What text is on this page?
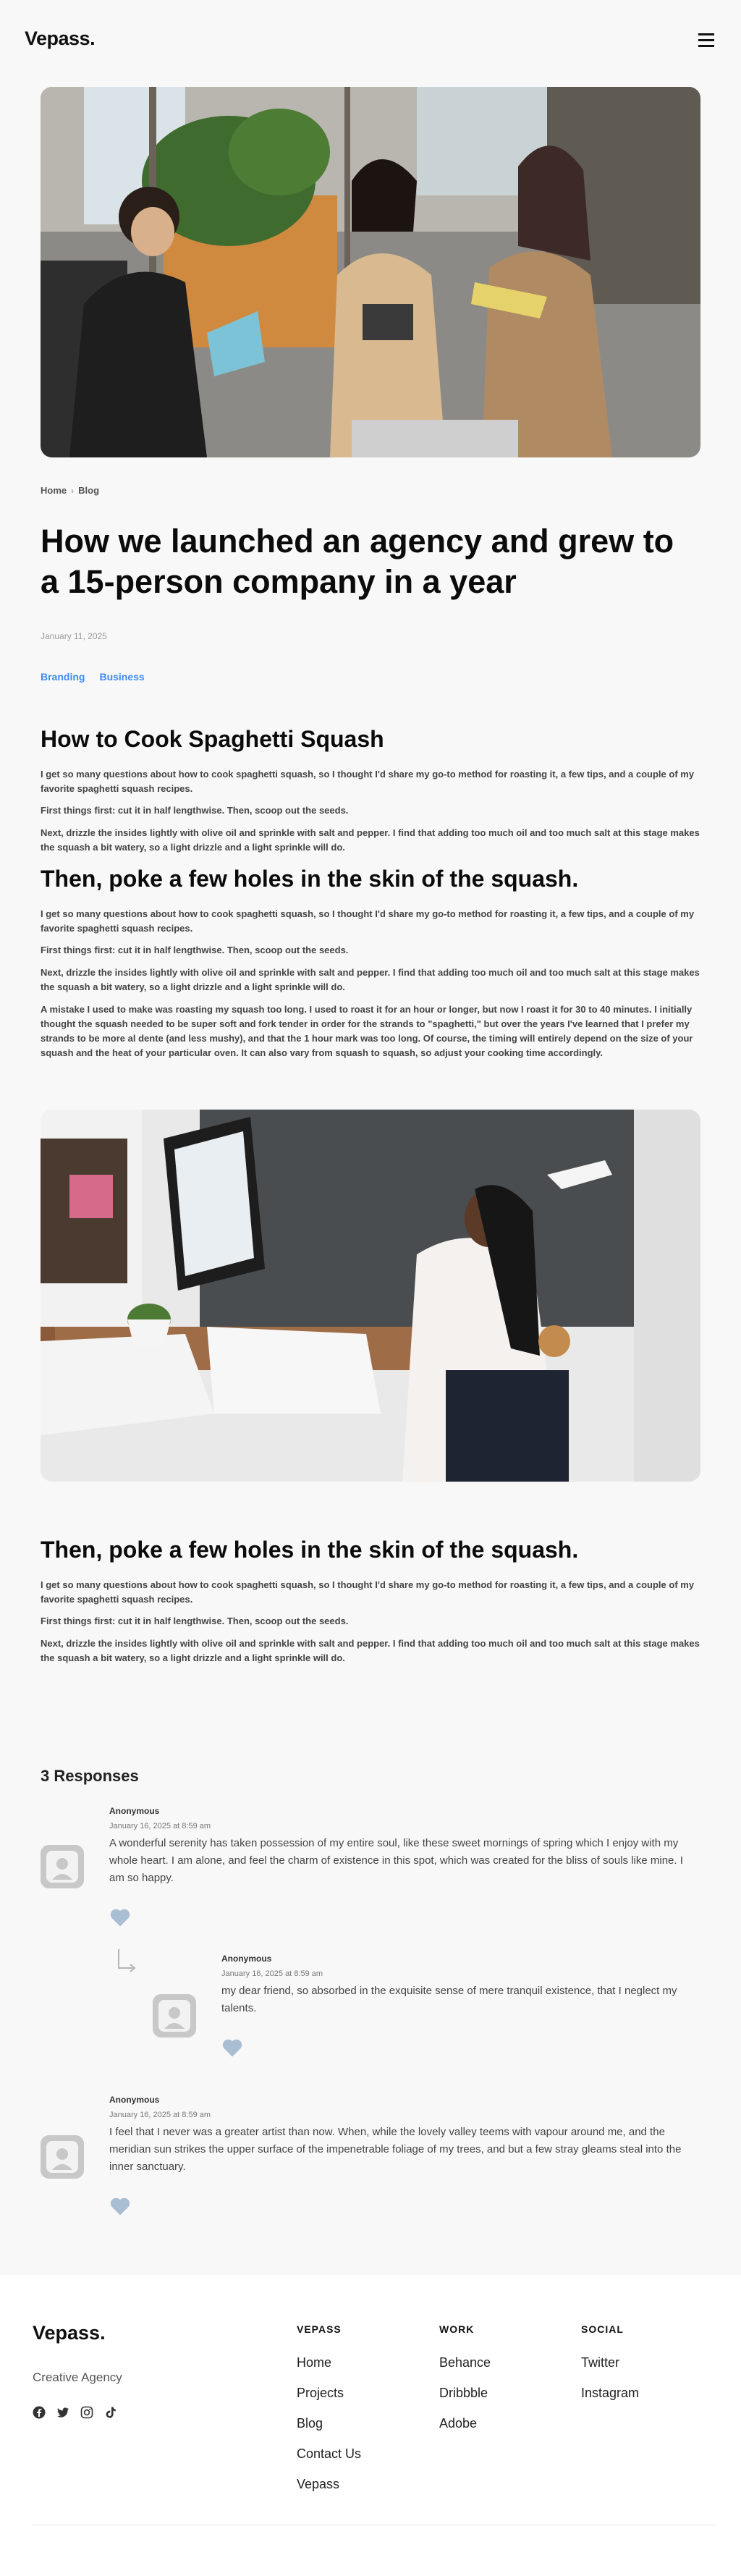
Vepass.
Home › Blog
How we launched an agency and grew to a 15-person company in a year
January 11, 2025
Branding Business
How to Cook Spaghetti Squash

I get so many questions about how to cook spaghetti squash, so I thought I'd share my go-to method for roasting it, a few tips, and a couple of my favorite spaghetti squash recipes.

First things first: cut it in half lengthwise. Then, scoop out the seeds.

Next, drizzle the insides lightly with olive oil and sprinkle with salt and pepper. I find that adding too much oil and too much salt at this stage makes the squash a bit watery, so a light drizzle and a light sprinkle will do.

Then, poke a few holes in the skin of the squash.

I get so many questions about how to cook spaghetti squash, so I thought I'd share my go-to method for roasting it, a few tips, and a couple of my favorite spaghetti squash recipes.

First things first: cut it in half lengthwise. Then, scoop out the seeds.

Next, drizzle the insides lightly with olive oil and sprinkle with salt and pepper. I find that adding too much oil and too much salt at this stage makes the squash a bit watery, so a light drizzle and a light sprinkle will do.

A mistake I used to make was roasting my squash too long. I used to roast it for an hour or longer, but now I roast it for 30 to 40 minutes. I initially thought the squash needed to be super soft and fork tender in order for the strands to "spaghetti," but over the years I've learned that I prefer my strands to be more al dente (and less mushy), and that the 1 hour mark was too long. Of course, the timing will entirely depend on the size of your squash and the heat of your particular oven. It can also vary from squash to squash, so adjust your cooking time accordingly.

Then, poke a few holes in the skin of the squash.

I get so many questions about how to cook spaghetti squash, so I thought I'd share my go-to method for roasting it, a few tips, and a couple of my favorite spaghetti squash recipes.

First things first: cut it in half lengthwise. Then, scoop out the seeds.

Next, drizzle the insides lightly with olive oil and sprinkle with salt and pepper. I find that adding too much oil and too much salt at this stage makes the squash a bit watery, so a light drizzle and a light sprinkle will do.

3 Responses
Anonymous
January 16, 2025 at 8:59 am
A wonderful serenity has taken possession of my entire soul, like these sweet mornings of spring which I enjoy with my whole heart. I am alone, and feel the charm of existence in this spot, which was created for the bliss of souls like mine. I am so happy.
Anonymous
January 16, 2025 at 8:59 am
my dear friend, so absorbed in the exquisite sense of mere tranquil existence, that I neglect my talents.
Anonymous
January 16, 2025 at 8:59 am
I feel that I never was a greater artist than now. When, while the lovely valley teems with vapour around me, and the meridian sun strikes the upper surface of the impenetrable foliage of my trees, and but a few stray gleams steal into the inner sanctuary.
Vepass.
Creative Agency
VEPASS
Home
Projects
Blog
Contact Us
Vepass
WORK
Behance
Dribbble
Adobe
SOCIAL
Twitter
Instagram
